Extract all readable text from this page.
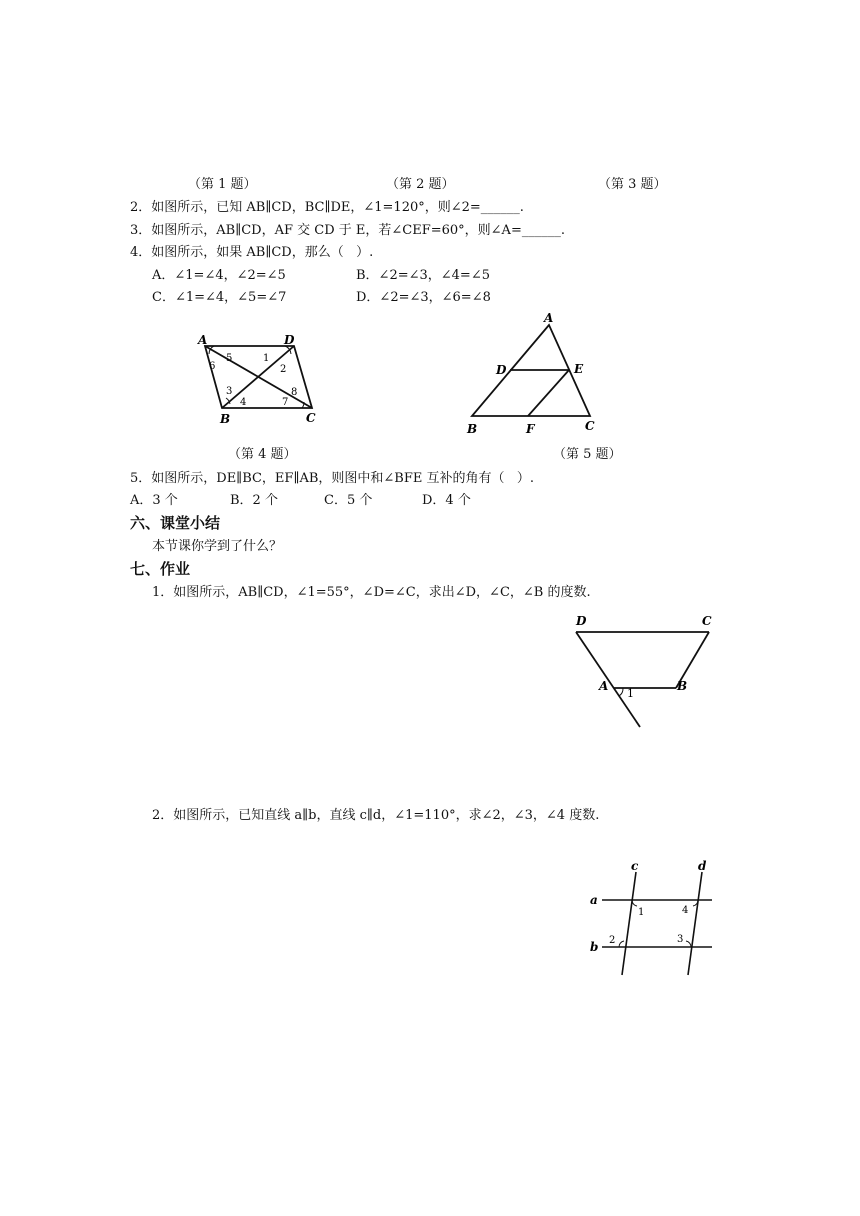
（第 1 题）	（第 2 题）	（第 3 题）
2．如图所示，已知 AB∥CD，BC∥DE，∠1=120°，则∠2=______.
3．如图所示，AB∥CD，AF 交 CD 于 E，若∠CEF=60°，则∠A=______.
4．如图所示，如果 AB∥CD，那么（   ）.
A．∠1=∠4，∠2=∠5	B．∠2=∠3，∠4=∠5
C．∠1=∠4，∠5=∠7	D．∠2=∠3，∠6=∠8
A	D
B	C
5
6
1
2
3
4
8
7
A
D	E
B	F	C
（第 4 题）	（第 5 题）
5．如图所示，DE∥BC，EF∥AB，则图中和∠BFE 互补的角有（   ）.
A．3 个	B．2 个	C．5 个	D．4 个
六、课堂小结
本节课你学到了什么？
七、作业
1．如图所示，AB∥CD，∠1=55°，∠D=∠C，求出∠D，∠C，∠B 的度数.
D	C
A	B
1
2．如图所示，已知直线 a∥b，直线 c∥d，∠1=110°，求∠2，∠3，∠4 度数.
c	d
a
b
1	4
2	3
